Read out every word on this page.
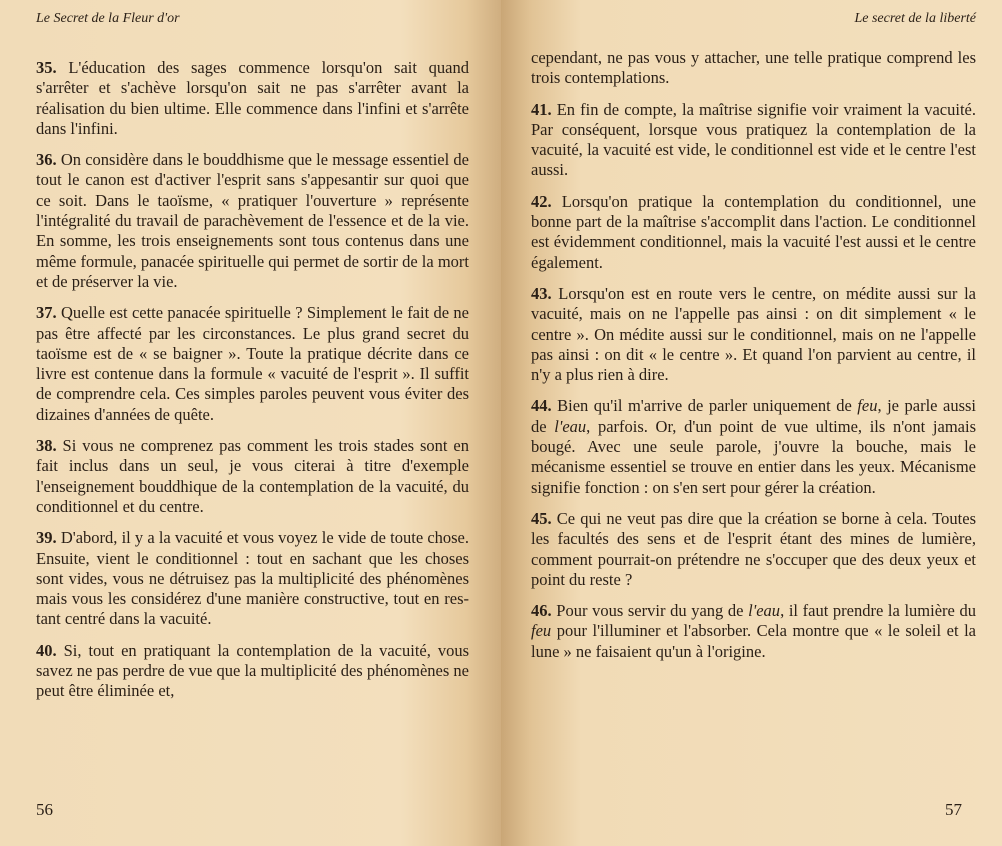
Le Secret de la Fleur d'or

35. L'éducation des sages commence lorsqu'on sait quand s'arrêter et s'achève lorsqu'on sait ne pas s'arrêter avant la réalisation du bien ultime. Elle commence dans l'infini et s'arrête dans l'infini.

36. On considère dans le bouddhisme que le message essentiel de tout le canon est d'activer l'esprit sans s'appesantir sur quoi que ce soit. Dans le taoïsme, « pratiquer l'ouverture » représente l'intégralité du travail de parachèvement de l'essence et de la vie. En somme, les trois enseignements sont tous contenus dans une même formule, panacée spirituelle qui permet de sortir de la mort et de préserver la vie.

37. Quelle est cette panacée spirituelle ? Simplement le fait de ne pas être affecté par les circonstances. Le plus grand secret du taoïsme est de « se baigner ». Toute la pratique décrite dans ce livre est contenue dans la formule « vacuité de l'esprit ». Il suffit de comprendre cela. Ces simples paroles peuvent vous éviter des dizaines d'années de quête.

38. Si vous ne comprenez pas comment les trois stades sont en fait inclus dans un seul, je vous citerai à titre d'exemple l'enseignement bouddhique de la contemplation de la vacuité, du conditionnel et du centre.

39. D'abord, il y a la vacuité et vous voyez le vide de toute chose. Ensuite, vient le conditionnel : tout en sachant que les choses sont vides, vous ne détruisez pas la multiplicité des phénomènes mais vous les considérez d'une manière constructive, tout en restant centré dans la vacuité.

40. Si, tout en pratiquant la contemplation de la vacuité, vous savez ne pas perdre de vue que la multiplicité des phénomènes ne peut être éliminée et,

56
Le secret de la liberté

cependant, ne pas vous y attacher, une telle pratique comprend les trois contemplations.

41. En fin de compte, la maîtrise signifie voir vraiment la vacuité. Par conséquent, lorsque vous pratiquez la contemplation de la vacuité, la vacuité est vide, le conditionnel est vide et le centre l'est aussi.

42. Lorsqu'on pratique la contemplation du conditionnel, une bonne part de la maîtrise s'accomplit dans l'action. Le conditionnel est évidemment conditionnel, mais la vacuité l'est aussi et le centre également.

43. Lorsqu'on est en route vers le centre, on médite aussi sur la vacuité, mais on ne l'appelle pas ainsi : on dit simplement « le centre ». On médite aussi sur le conditionnel, mais on ne l'appelle pas ainsi : on dit « le centre ». Et quand l'on parvient au centre, il n'y a plus rien à dire.

44. Bien qu'il m'arrive de parler uniquement de feu, je parle aussi de l'eau, parfois. Or, d'un point de vue ultime, ils n'ont jamais bougé. Avec une seule parole, j'ouvre la bouche, mais le mécanisme essentiel se trouve en entier dans les yeux. Mécanisme signifie fonction : on s'en sert pour gérer la création.

45. Ce qui ne veut pas dire que la création se borne à cela. Toutes les facultés des sens et de l'esprit étant des mines de lumière, comment pourrait-on prétendre ne s'occuper que des deux yeux et point du reste ?

46. Pour vous servir du yang de l'eau, il faut prendre la lumière du feu pour l'illuminer et l'absorber. Cela montre que « le soleil et la lune » ne faisaient qu'un à l'origine.

57
